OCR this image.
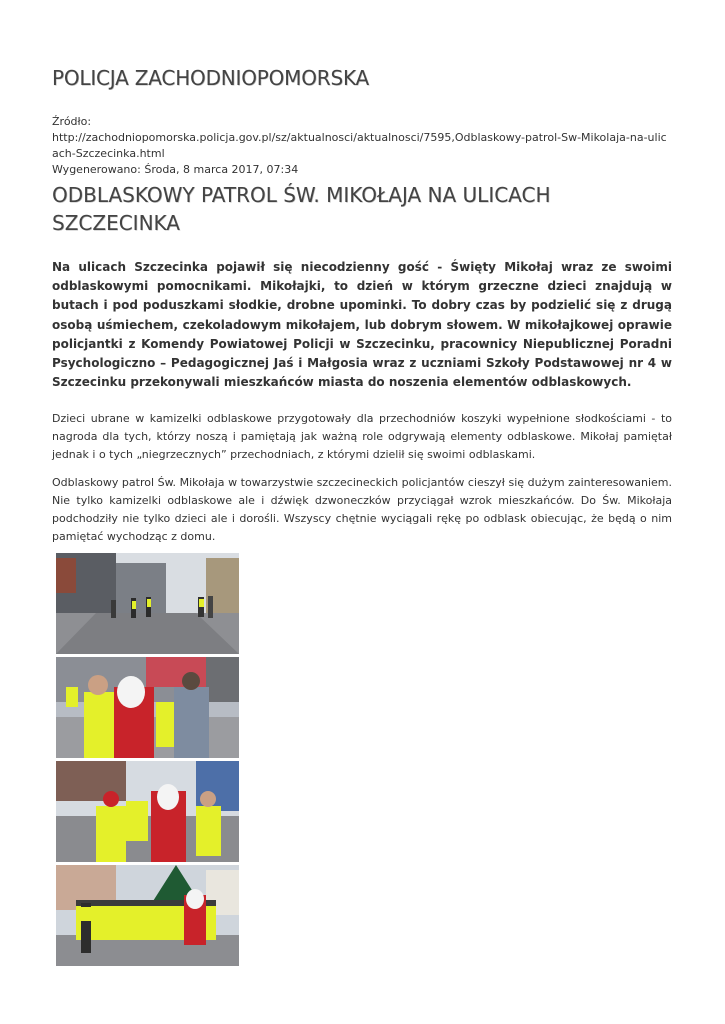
POLICJA ZACHODNIOPOMORSKA
Źródło:
http://zachodniopomorska.policja.gov.pl/sz/aktualnosci/aktualnosci/7595,Odblaskowy-patrol-Sw-Mikolaja-na-ulicach-Szczecinka.html
Wygenerowano: Środa, 8 marca 2017, 07:34
ODBLASKOWY PATROL ŚW. MIKOŁAJA NA ULICACH SZCZECINKA

Na ulicach Szczecinka pojawił się niecodzienny gość - Święty Mikołaj wraz ze swoimi odblaskowymi pomocnikami. Mikołajki, to dzień w którym grzeczne dzieci znajdują w butach i pod poduszkami słodkie, drobne upominki. To dobry czas by podzielić się z drugą osobą uśmiechem, czekoladowym mikołajem, lub dobrym słowem. W mikołajkowej oprawie policjantki z Komendy Powiatowej Policji w Szczecinku, pracownicy Niepublicznej Poradni Psychologiczno – Pedagogicznej Jaś i Małgosia wraz z uczniami Szkoły Podstawowej nr 4 w Szczecinku przekonywali mieszkańców miasta do noszenia elementów odblaskowych.

Dzieci ubrane w kamizelki odblaskowe przygotowały dla przechodniów koszyki wypełnione słodkościami - to nagroda dla tych, którzy noszą i pamiętają jak ważną role odgrywają elementy odblaskowe. Mikołaj pamiętał jednak i o tych „niegrzecznych” przechodniach, z którymi dzielił się swoimi odblaskami.

Odblaskowy patrol Św. Mikołaja w towarzystwie szczecineckich policjantów cieszył się dużym zainteresowaniem. Nie tylko kamizelki odblaskowe ale i dźwięk dzwoneczków przyciągał wzrok mieszkańców. Do Św. Mikołaja podchodziły nie tylko dzieci ale i dorośli. Wszyscy chętnie wyciągali rękę po odblask obiecując, że będą o nim pamiętać wychodząc z domu.
